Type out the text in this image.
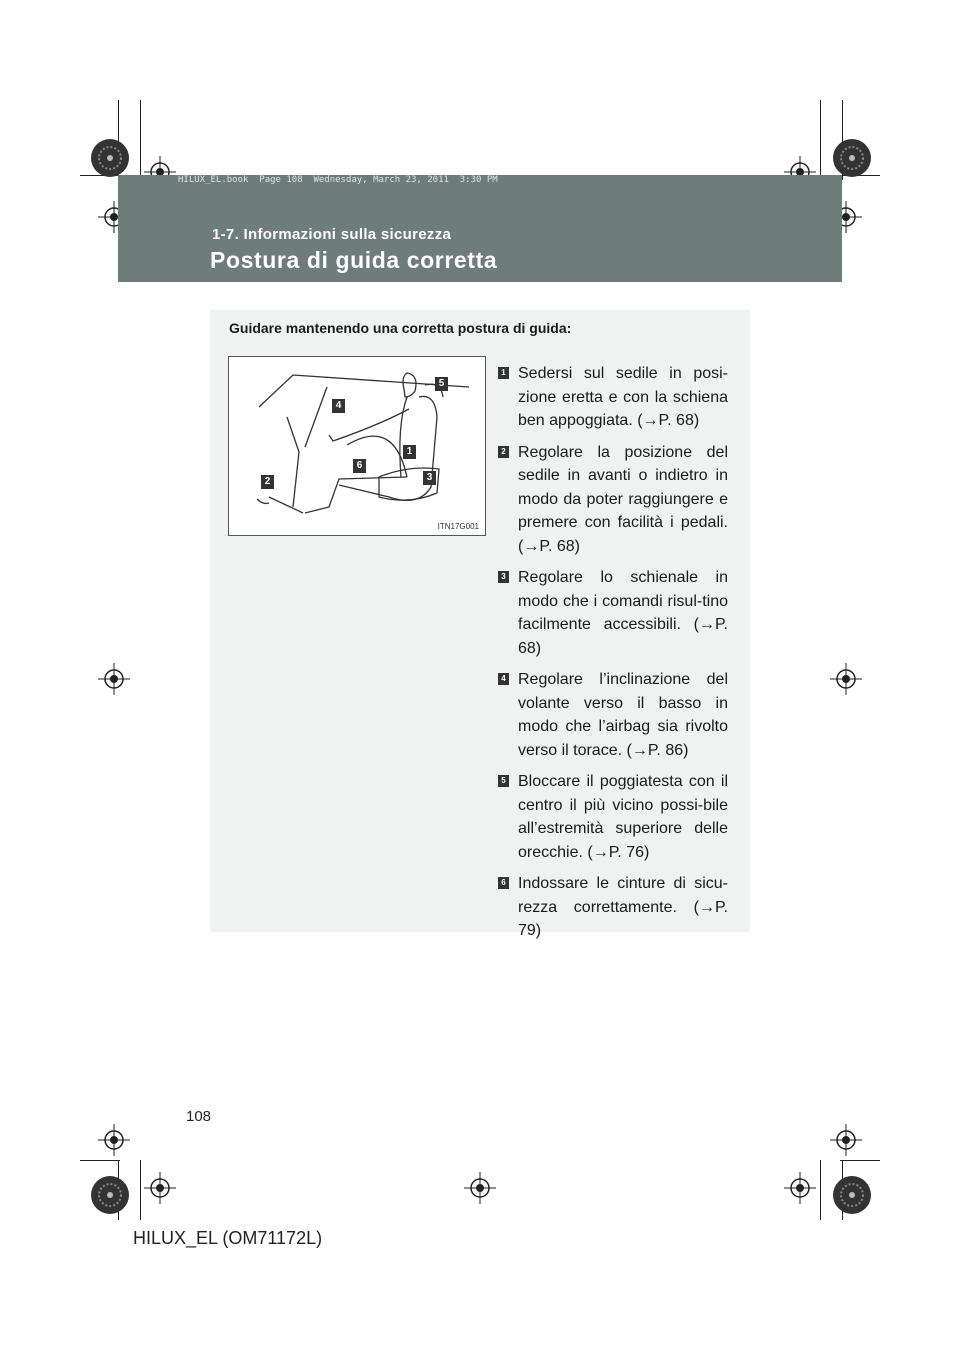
HILUX_EL.book  Page 108  Wednesday, March 23, 2011  3:30 PM
1-7. Informazioni sulla sicurezza
Postura di guida corretta
Guidare mantenendo una corretta postura di guida:
5
4
1
6
3
2
ITN17G001
1 Sedersi sul sedile in posi-zione eretta e con la schiena ben appoggiata. (→P. 68)
2 Regolare la posizione del sedile in avanti o indietro in modo da poter raggiungere e premere con facilità i pedali. (→P. 68)
3 Regolare lo schienale in modo che i comandi risul-tino facilmente accessibili. (→P. 68)
4 Regolare l’inclinazione del volante verso il basso in modo che l’airbag sia rivolto verso il torace. (→P. 86)
5 Bloccare il poggiatesta con il centro il più vicino possi-bile all’estremità superiore delle orecchie. (→P. 76)
6 Indossare le cinture di sicu-rezza correttamente. (→P. 79)
108
HILUX_EL (OM71172L)
